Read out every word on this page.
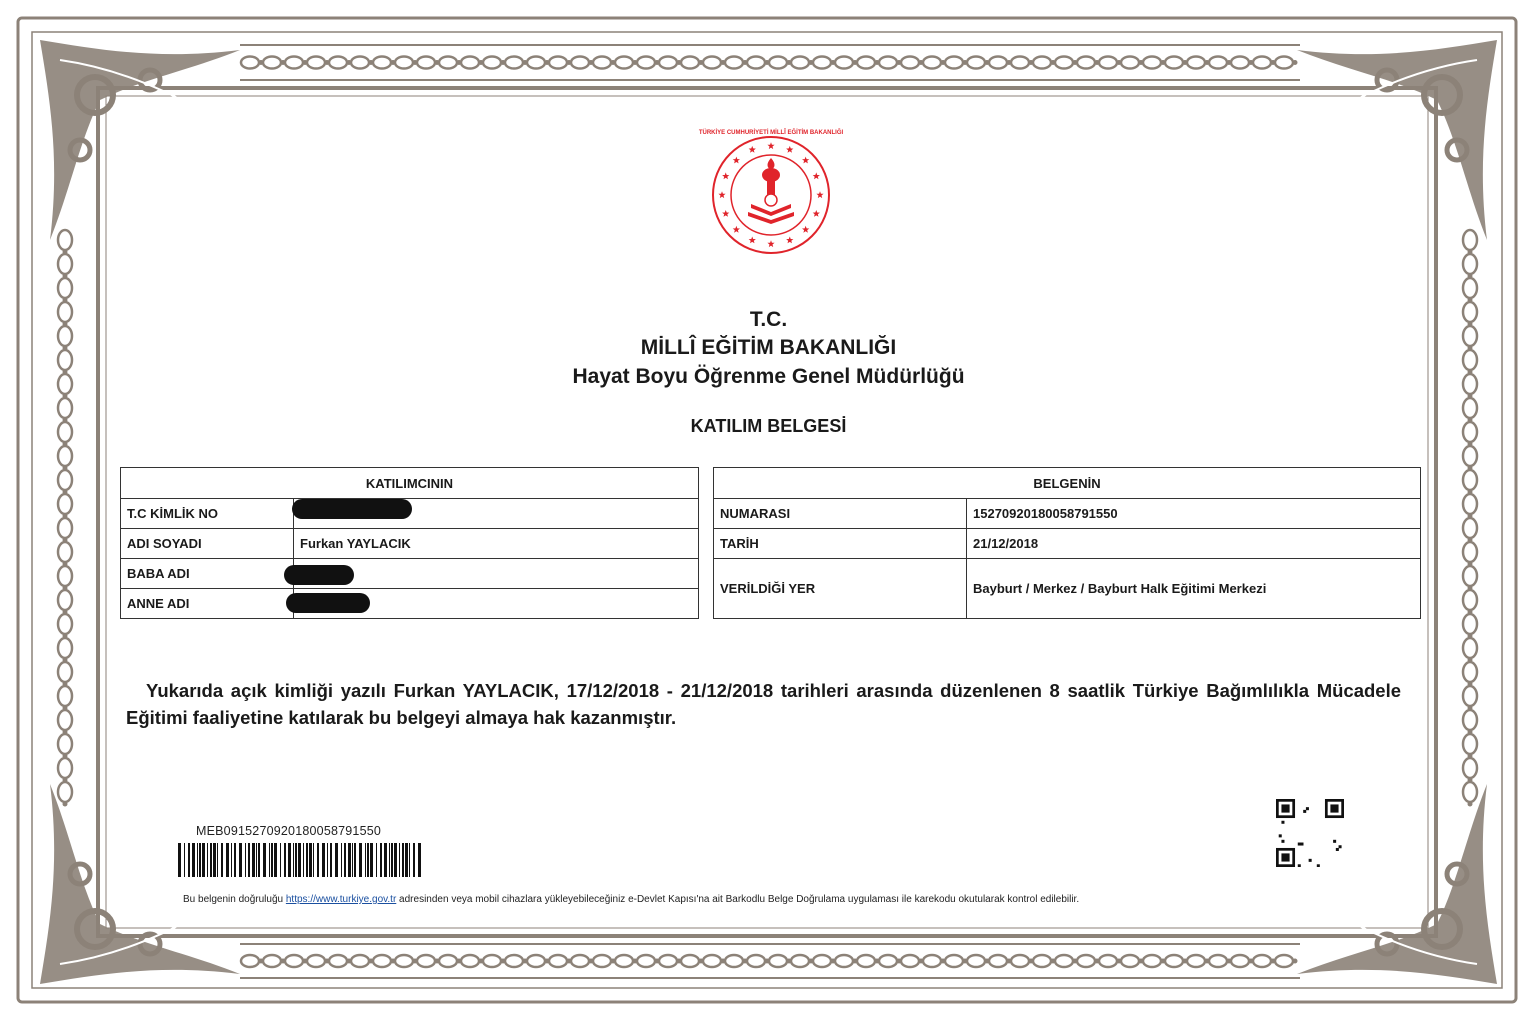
TÜRKİYE CUMHURİYETİ MİLLÎ EĞİTİM BAKANLIĞI
T.C.
MİLLÎ EĞİTİM BAKANLIĞI
Hayat Boyu Öğrenme Genel Müdürlüğü
KATILIM BELGESİ
KATILIMCININ	
T.C KİMLİK NO	
ADI SOYADI	Furkan YAYLACIK
BABA ADI	
ANNE ADI	
BELGENİN	
NUMARASI	15270920180058791550
TARİH	21/12/2018
VERİLDİĞİ YER	Bayburt / Merkez / Bayburt Halk Eğitimi Merkezi
Yukarıda açık kimliği yazılı Furkan YAYLACIK, 17/12/2018 - 21/12/2018 tarihleri arasında düzenlenen 8 saatlik Türkiye Bağımlılıkla Mücadele Eğitimi faaliyetine katılarak bu belgeyi almaya hak kazanmıştır.
MEB0915270920180058791550
Bu belgenin doğruluğu https://www.turkiye.gov.tr adresinden veya mobil cihazlara yükleyebileceğiniz e-Devlet Kapısı'na ait Barkodlu Belge Doğrulama uygulaması ile karekodu okutularak kontrol edilebilir.
